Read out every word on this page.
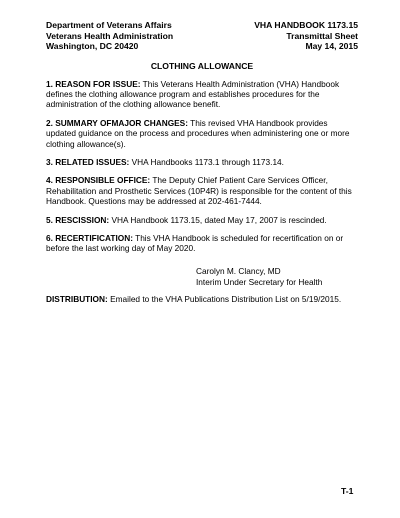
Department of Veterans Affairs
Veterans Health Administration
Washington, DC 20420
VHA HANDBOOK 1173.15
Transmittal Sheet
May 14, 2015
CLOTHING ALLOWANCE
1. REASON FOR ISSUE: This Veterans Health Administration (VHA) Handbook defines the clothing allowance program and establishes procedures for the administration of the clothing allowance benefit.
2. SUMMARY OFMAJOR CHANGES: This revised VHA Handbook provides updated guidance on the process and procedures when administering one or more clothing allowance(s).
3. RELATED ISSUES: VHA Handbooks 1173.1 through 1173.14.
4. RESPONSIBLE OFFICE: The Deputy Chief Patient Care Services Officer, Rehabilitation and Prosthetic Services (10P4R) is responsible for the content of this Handbook. Questions may be addressed at 202-461-7444.
5. RESCISSION: VHA Handbook 1173.15, dated May 17, 2007 is rescinded.
6. RECERTIFICATION: This VHA Handbook is scheduled for recertification on or before the last working day of May 2020.
Carolyn M. Clancy, MD
Interim Under Secretary for Health
DISTRIBUTION: Emailed to the VHA Publications Distribution List on 5/19/2015.
T-1
